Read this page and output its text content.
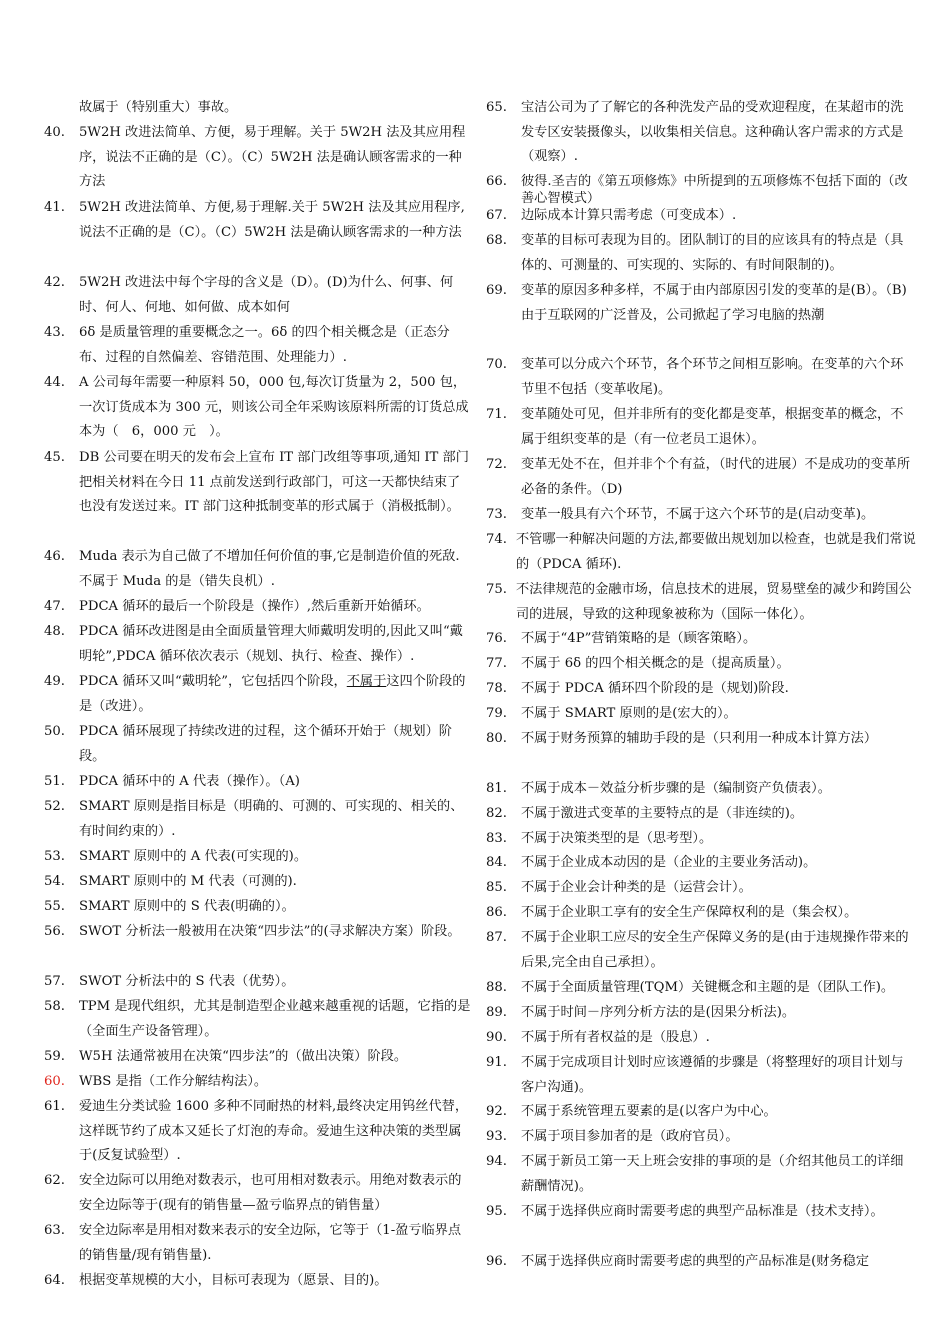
故属于（特别重大）事故。
40.	5W2H 改进法简单、方便，易于理解。关于 5W2H 法及其应用程序，说法不正确的是（C）。（C）5W2H 法是确认顾客需求的一种方法
41.	5W2H 改进法简单、方便,易于理解.关于 5W2H 法及其应用程序,说法不正确的是（C）。（C）5W2H 法是确认顾客需求的一种方法
42.	5W2H 改进法中每个字母的含义是（D）。(D)为什么、何事、何时、何人、何地、如何做、成本如何
43.	6δ 是质量管理的重要概念之一。6δ 的四个相关概念是（正态分布、过程的自然偏差、容错范围、处理能力）.
44.	A 公司每年需要一种原料 50，000 包,每次订货量为 2，500 包，一次订货成本为 300 元，则该公司全年采购该原料所需的订货总成本为（　6，000 元　）。
45.	DB 公司要在明天的发布会上宣布 IT 部门改组等事项,通知 IT 部门把相关材料在今日 11 点前发送到行政部门，可这一天都快结束了也没有发送过来。IT 部门这种抵制变革的形式属于（消极抵制）。
46.	Muda 表示为自己做了不增加任何价值的事,它是制造价值的死敌.不属于 Muda 的是（错失良机）.
47.	PDCA 循环的最后一个阶段是（操作）,然后重新开始循环。
48.	PDCA 循环改进图是由全面质量管理大师戴明发明的,因此又叫“戴明轮”,PDCA 循环依次表示（规划、执行、检查、操作）.
49.	PDCA 循环又叫“戴明轮”，它包括四个阶段，不属于这四个阶段的是（改进）。
50.	PDCA 循环展现了持续改进的过程，这个循环开始于（规划）阶段。
51.	PDCA 循环中的 A 代表（操作）。（A)
52.	SMART 原则是指目标是（明确的、可测的、可实现的、相关的、有时间约束的）.
53.	SMART 原则中的 A 代表(可实现的)。
54.	SMART 原则中的 M 代表（可测的).
55.	SMART 原则中的 S 代表(明确的）。
56.	SWOT 分析法一般被用在决策“四步法”的(寻求解决方案）阶段。
57.	SWOT 分析法中的 S 代表（优势）。
58.	TPM 是现代组织，尤其是制造型企业越来越重视的话题，它指的是（全面生产设备管理）。
59.	W5H 法通常被用在决策“四步法”的（做出决策）阶段。
60.	WBS 是指（工作分解结构法）。
61.	爱迪生分类试验 1600 多种不同耐热的材料,最终决定用钨丝代替，这样既节约了成本又延长了灯泡的寿命。爱迪生这种决策的类型属于(反复试验型）.
62.	安全边际可以用绝对数表示，也可用相对数表示。用绝对数表示的安全边际等于(现有的销售量—盈亏临界点的销售量）
63.	安全边际率是用相对数来表示的安全边际，它等于（1-盈亏临界点的销售量/现有销售量).
64.	根据变革规模的大小，目标可表现为（愿景、目的)。
65.	宝洁公司为了了解它的各种洗发产品的受欢迎程度，在某超市的洗发专区安装摄像头，以收集相关信息。这种确认客户需求的方式是（观察）.
66.	彼得.圣吉的《第五项修炼》中所提到的五项修炼不包括下面的（改善心智模式）
67.	边际成本计算只需考虑（可变成本）.
68.	变革的目标可表现为目的。团队制订的目的应该具有的特点是（具体的、可测量的、可实现的、实际的、有时间限制的)。
69.	变革的原因多种多样，不属于由内部原因引发的变革的是(B）。（B)由于互联网的广泛普及，公司掀起了学习电脑的热潮
70.	变革可以分成六个环节，各个环节之间相互影响。在变革的六个环节里不包括（变革收尾)。
71.	变革随处可见，但并非所有的变化都是变革，根据变革的概念，不属于组织变革的是（有一位老员工退休）。
72.	变革无处不在，但并非个个有益，（时代的进展）不是成功的变革所必备的条件。（D)
73.	变革一般具有六个环节，不属于这六个环节的是(启动变革)。
74. 不管哪一种解决问题的方法,都要做出规划加以检查，也就是我们常说的（PDCA 循环).
75. 不法律规范的金融市场，信息技术的进展，贸易壁垒的减少和跨国公司的进展，导致的这种现象被称为（国际一体化）。
76.	不属于“4P”营销策略的是（顾客策略）。
77.	不属于 6δ 的四个相关概念的是（提高质量）。
78.	不属于 PDCA 循环四个阶段的是（规划)阶段.
79.	不属于 SMART 原则的是(宏大的）。
80.	不属于财务预算的辅助手段的是（只利用一种成本计算方法）
81.	不属于成本－效益分析步骤的是（编制资产负债表）。
82.	不属于激进式变革的主要特点的是（非连续的)。
83.	不属于决策类型的是（思考型）。
84.	不属于企业成本动因的是（企业的主要业务活动)。
85.	不属于企业会计种类的是（运营会计）。
86.	不属于企业职工享有的安全生产保障权利的是（集会权）。
87.	不属于企业职工应尽的安全生产保障义务的是(由于违规操作带来的后果,完全由自己承担）。
88.	不属于全面质量管理(TQM）关键概念和主题的是（团队工作)。
89.	不属于时间－序列分析方法的是(因果分析法)。
90.	不属于所有者权益的是（股息）.
91.	不属于完成项目计划时应该遵循的步骤是（将整理好的项目计划与客户沟通)。
92.	不属于系统管理五要素的是(以客户为中心。
93.	不属于项目参加者的是（政府官员）。
94.	不属于新员工第一天上班会安排的事项的是（介绍其他员工的详细薪酬情况)。
95.	不属于选择供应商时需要考虑的典型产品标准是（技术支持）。
96.	不属于选择供应商时需要考虑的典型的产品标准是(财务稳定
